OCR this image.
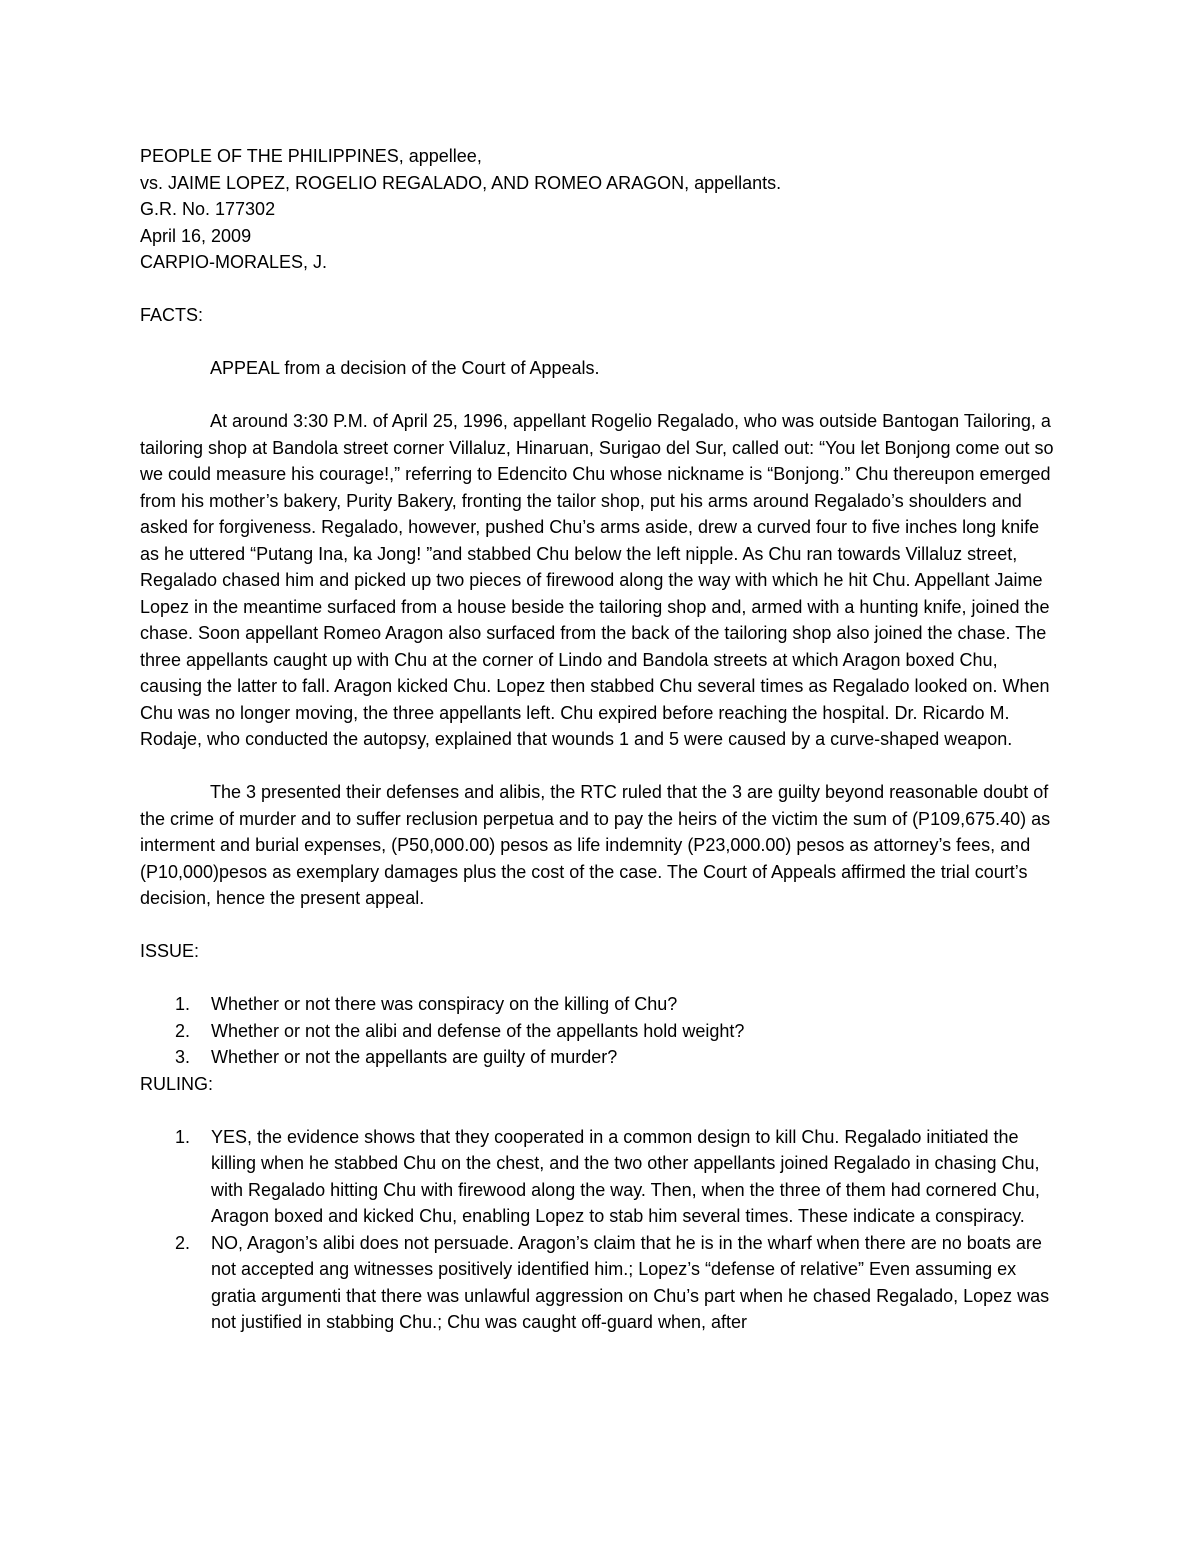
PEOPLE OF THE PHILIPPINES, appellee,
vs. JAIME LOPEZ, ROGELIO REGALADO, AND ROMEO ARAGON, appellants.
G.R. No. 177302
April 16, 2009
CARPIO-MORALES, J.
FACTS:

APPEAL from a decision of the Court of Appeals.

At around 3:30 P.M. of April 25, 1996, appellant Rogelio Regalado, who was outside Bantogan Tailoring, a tailoring shop at Bandola street corner Villaluz, Hinaruan, Surigao del Sur, called out: “You let Bonjong come out so we could measure his courage!,” referring to Edencito Chu whose nickname is “Bonjong.” Chu thereupon emerged from his mother’s bakery, Purity Bakery, fronting the tailor shop, put his arms around Regalado’s shoulders and asked for forgiveness. Regalado, however, pushed Chu’s arms aside, drew a curved four to five inches long knife as he uttered “Putang Ina, ka Jong! ”and stabbed Chu below the left nipple. As Chu ran towards Villaluz street, Regalado chased him and picked up two pieces of firewood along the way with which he hit Chu. Appellant Jaime Lopez in the meantime surfaced from a house beside the tailoring shop and, armed with a hunting knife, joined the chase. Soon appellant Romeo Aragon also surfaced from the back of the tailoring shop also joined the chase. The three appellants caught up with Chu at the corner of Lindo and Bandola streets at which Aragon boxed Chu, causing the latter to fall. Aragon kicked Chu. Lopez then stabbed Chu several times as Regalado looked on. When Chu was no longer moving, the three appellants left. Chu expired before reaching the hospital. Dr. Ricardo M. Rodaje, who conducted the autopsy, explained that wounds 1 and 5 were caused by a curve-shaped weapon.

The 3 presented their defenses and alibis, the RTC ruled that the 3 are guilty beyond reasonable doubt of the crime of murder and to suffer reclusion perpetua and to pay the heirs of the victim the sum of (P109,675.40) as interment and burial expenses, (P50,000.00) pesos as life indemnity (P23,000.00) pesos as attorney’s fees, and (P10,000)pesos as exemplary damages plus the cost of the case. The Court of Appeals affirmed the trial court’s decision, hence the present appeal.

ISSUE:
1. Whether or not there was conspiracy on the killing of Chu?
2. Whether or not the alibi and defense of the appellants hold weight?
3. Whether or not the appellants are guilty of murder?
RULING:
1. YES, the evidence shows that they cooperated in a common design to kill Chu. Regalado initiated the killing when he stabbed Chu on the chest, and the two other appellants joined Regalado in chasing Chu, with Regalado hitting Chu with firewood along the way. Then, when the three of them had cornered Chu, Aragon boxed and kicked Chu, enabling Lopez to stab him several times. These indicate a conspiracy.
2. NO, Aragon’s alibi does not persuade. Aragon’s claim that he is in the wharf when there are no boats are not accepted ang witnesses positively identified him.; Lopez’s “defense of relative” Even assuming ex gratia argumenti that there was unlawful aggression on Chu’s part when he chased Regalado, Lopez was not justified in stabbing Chu.; Chu was caught off-guard when, after
